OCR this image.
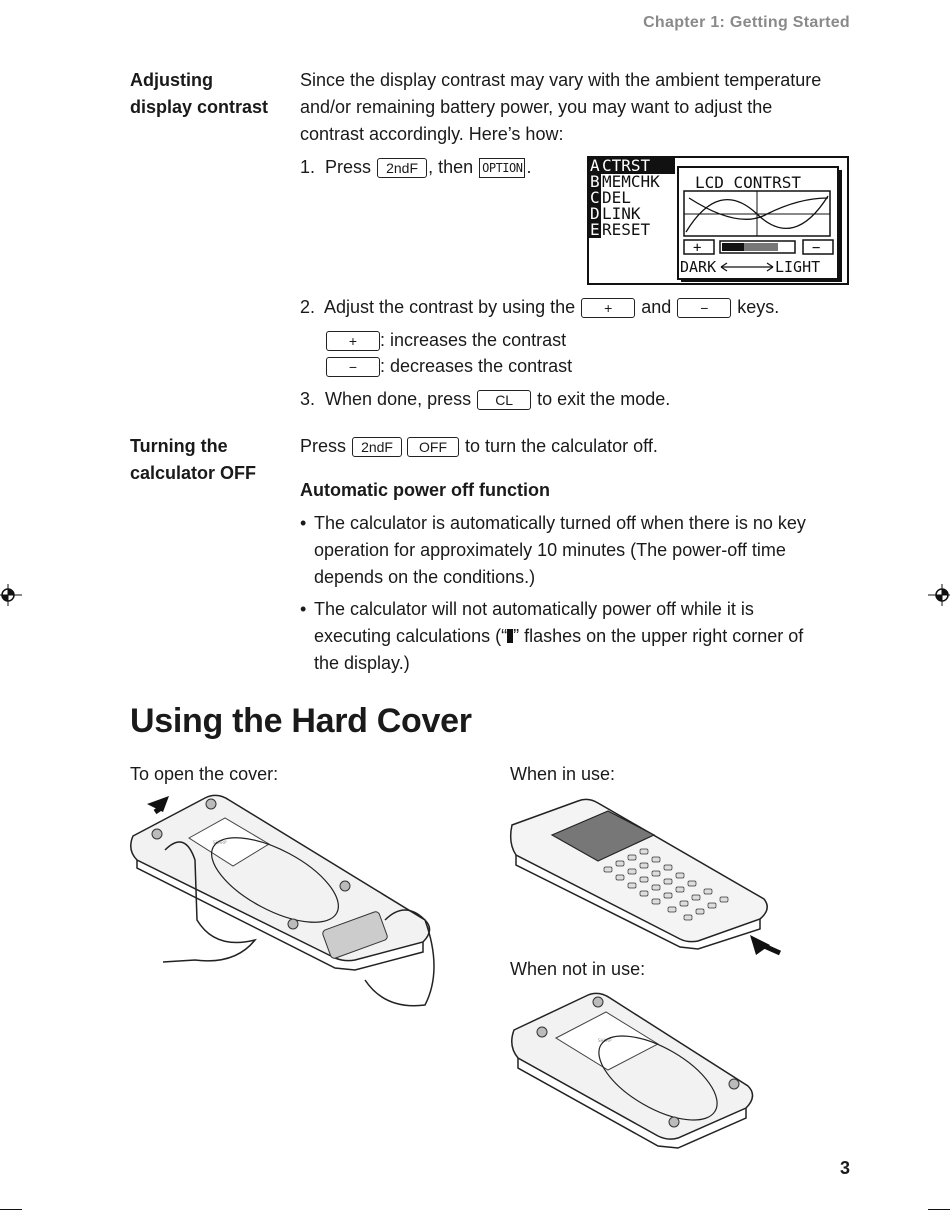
Chapter 1: Getting Started
Adjusting
display contrast
Since the display contrast may vary with the ambient temperature
and/or remaining battery power, you may want to adjust the
contrast accordingly. Here’s how:
1. Press 2ndF , then OPTION .	A CTRST
B MEMCHK
C DEL
D LINK
E RESET
LCD CONTRST
+	−
DARK	LIGHT
2. Adjust the contrast by using the + and − keys.
+ : increases the contrast
− : decreases the contrast
3. When done, press CL to exit the mode.
Turning the
calculator OFF
Press 2ndF OFF to turn the calculator off.
Automatic power off function
• The calculator is automatically turned off when there is no key
operation for approximately 10 minutes (The power-off time
depends on the conditions.)
• The calculator will not automatically power off while it is
executing calculations (“ ” flashes on the upper right corner of
the display.)
Using the Hard Cover
To open the cover:	When in use:
When not in use:
SHARP
SHARP
3
